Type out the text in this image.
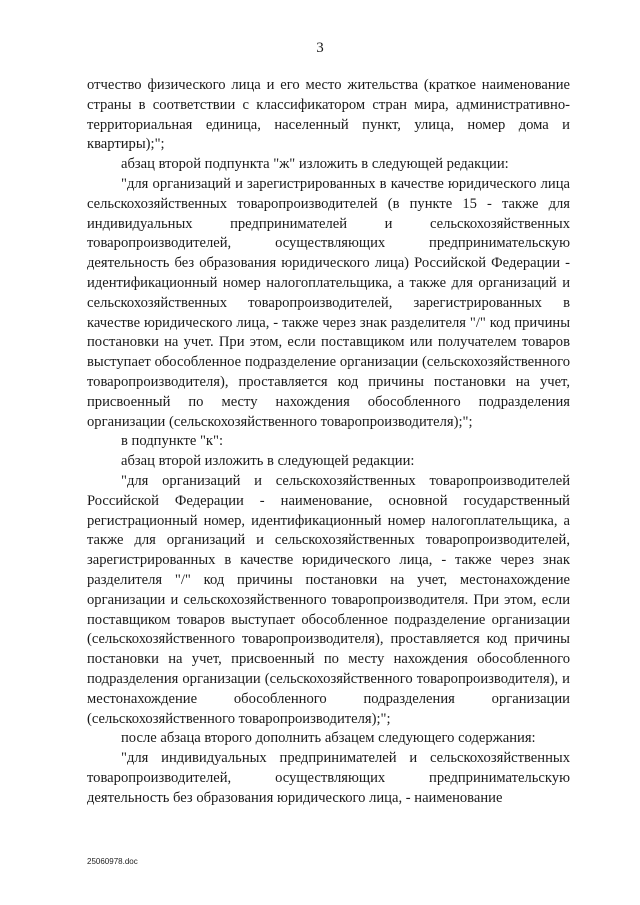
3

отчество физического лица и его место жительства (краткое наименование страны в соответствии с классификатором стран мира, административно-территориальная единица, населенный пункт, улица, номер дома и квартиры);";

абзац второй подпункта "ж" изложить в следующей редакции:

"для организаций и зарегистрированных в качестве юридического лица сельскохозяйственных товаропроизводителей (в пункте 15 - также для индивидуальных предпринимателей и сельскохозяйственных товаропроизводителей, осуществляющих предпринимательскую деятельность без образования юридического лица) Российской Федерации - идентификационный номер налогоплательщика, а также для организаций и сельскохозяйственных товаропроизводителей, зарегистрированных в качестве юридического лица, - также через знак разделителя "/" код причины постановки на учет. При этом, если поставщиком или получателем товаров выступает обособленное подразделение организации (сельскохозяйственного товаропроизводителя), проставляется код причины постановки на учет, присвоенный по месту нахождения обособленного подразделения организации (сельскохозяйственного товаропроизводителя);";

в подпункте "к":

абзац второй изложить в следующей редакции:

"для организаций и сельскохозяйственных товаропроизводителей Российской Федерации - наименование, основной государственный регистрационный номер, идентификационный номер налогоплательщика, а также для организаций и сельскохозяйственных товаропроизводителей, зарегистрированных в качестве юридического лица, - также через знак разделителя "/" код причины постановки на учет, местонахождение организации и сельскохозяйственного товаропроизводителя. При этом, если поставщиком товаров выступает обособленное подразделение организации (сельскохозяйственного товаропроизводителя), проставляется код причины постановки на учет, присвоенный по месту нахождения обособленного подразделения организации (сельскохозяйственного товаропроизводителя), и местонахождение обособленного подразделения организации (сельскохозяйственного товаропроизводителя);";

после абзаца второго дополнить абзацем следующего содержания:

"для индивидуальных предпринимателей и сельскохозяйственных товаропроизводителей, осуществляющих предпринимательскую деятельность без образования юридического лица, - наименование

25060978.doc
